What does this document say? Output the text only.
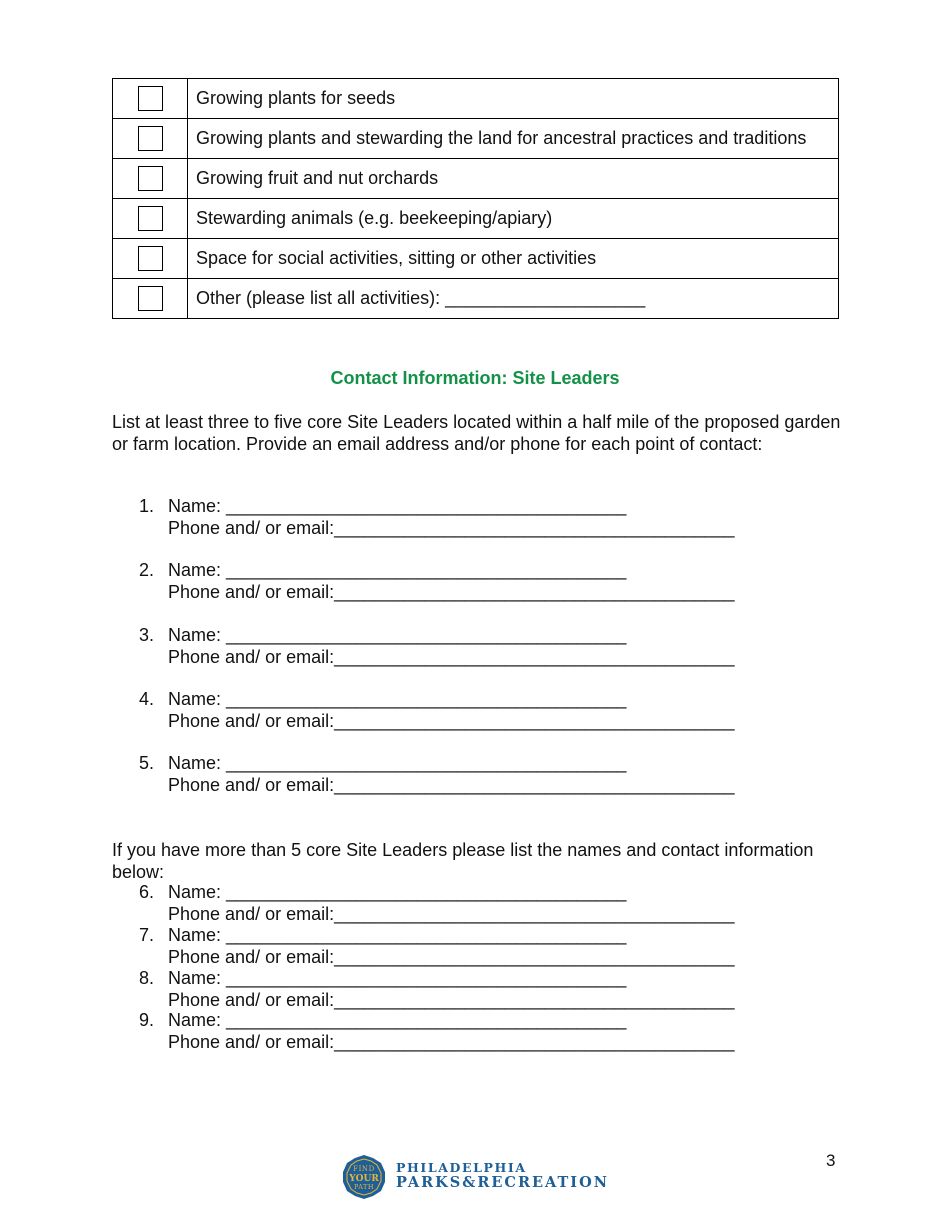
	Growing plants for seeds
	Growing plants and stewarding the land for ancestral practices and traditions
	Growing fruit and nut orchards
	Stewarding animals (e.g. beekeeping/apiary)
	Space for social activities, sitting or other activities
	Other (please list all activities): ____________________
Contact Information: Site Leaders
List at least three to five core Site Leaders located within a half mile of the proposed garden or farm location. Provide an email address and/or phone for each point of contact:
1. Name: ________________________________________
Phone and/ or email:________________________________________
2. Name: ________________________________________
Phone and/ or email:________________________________________
3. Name: ________________________________________
Phone and/ or email:________________________________________
4. Name: ________________________________________
Phone and/ or email:________________________________________
5. Name: ________________________________________
Phone and/ or email:________________________________________
If you have more than 5 core Site Leaders please list the names and contact information below:
6. Name: ________________________________________
Phone and/ or email:________________________________________
7. Name: ________________________________________
Phone and/ or email:________________________________________
8. Name: ________________________________________
Phone and/ or email:________________________________________
9. Name: ________________________________________
Phone and/ or email:________________________________________
FIND
YOUR
PATH
PHILADELPHIA
PARKS&RECREATION
3
